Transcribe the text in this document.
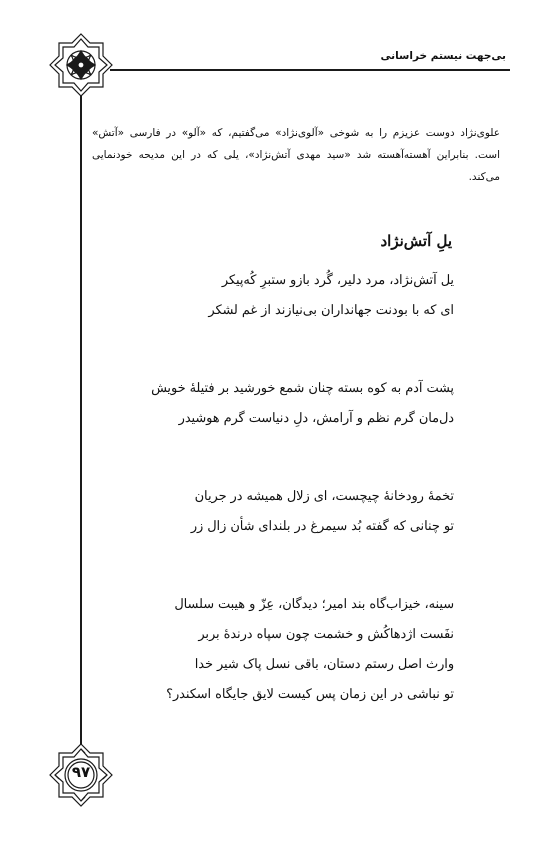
بی‌جهت نیستم خراسانی

علوی‌نژاد دوست عزیزم را به شوخی «آلوی‌نژاد» می‌گفتیم، که «آلو» در فارسی «آتش» است. بنابراین آهسته‌آهسته شد «سید مهدی آتش‌نژاد»، یلی که در این مدیحه خودنمایی می‌کند.

یلِ آتش‌نژاد
یل آتش‌نژاد، مرد دلیر، گُرد بازو ستبرِ کُه‌پیکر
ای که با بودنت جهانداران بی‌نیازند از غم لشکر
پشت آدم به کوه بسته چنان شمع خورشید بر فتیلهٔ خویش
دل‌مان گرم نظم و آرامش، دلِ دنیاست گرم هوشیدر
تخمهٔ رودخانهٔ چیچست، ای زلال همیشه در جریان
تو چنانی که گفته بُد سیمرغ در بلندای شأن زال زر
سینه، خیزاب‌گاه بند امیر؛ دیدگان، عِزّ و هیبت سلسال
نفَست اژدهاکُش و خشمت چون سپاه درندهٔ بربر
وارث اصل رستم دستان، باقی نسل پاک شیر خدا
تو نباشی در این زمان پس کیست لایق جایگاه اسکندر؟
۹۷
